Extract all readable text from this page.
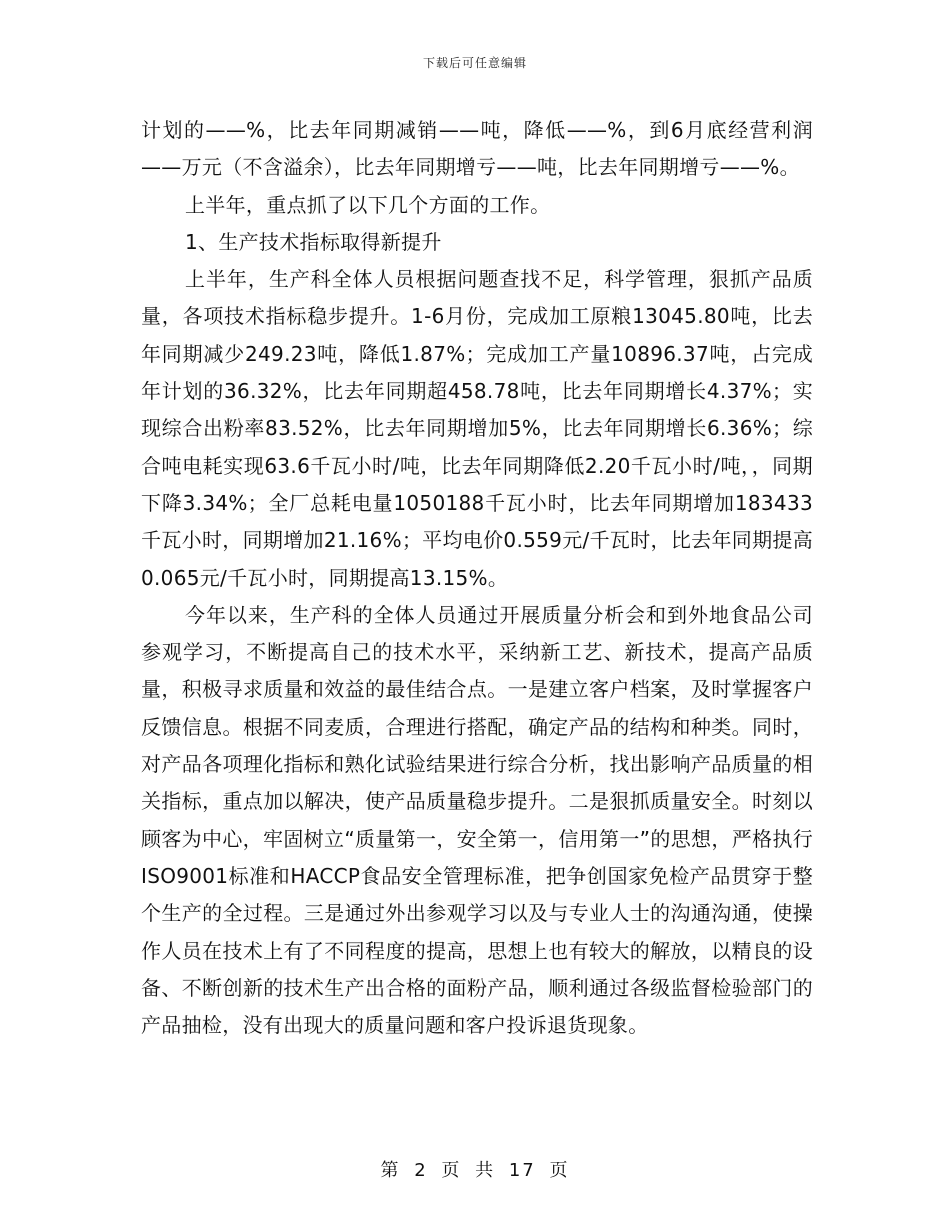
下载后可任意编辑

计划的——%，比去年同期减销——吨，降低——%，到6月底经营利润——万元（不含溢余），比去年同期增亏——吨，比去年同期增亏——%。

上半年，重点抓了以下几个方面的工作。

1、生产技术指标取得新提升

上半年，生产科全体人员根据问题查找不足，科学管理，狠抓产品质量，各项技术指标稳步提升。1-6月份，完成加工原粮13045.80吨，比去年同期减少249.23吨，降低1.87%；完成加工产量10896.37吨，占完成年计划的36.32%，比去年同期超458.78吨，比去年同期增长4.37%；实现综合出粉率83.52%，比去年同期增加5%，比去年同期增长6.36%；综合吨电耗实现63.6千瓦小时/吨，比去年同期降低2.20千瓦小时/吨，，同期下降3.34%；全厂总耗电量1050188千瓦小时，比去年同期增加183433千瓦小时，同期增加21.16%；平均电价0.559元/千瓦时，比去年同期提高0.065元/千瓦小时，同期提高13.15%。

今年以来，生产科的全体人员通过开展质量分析会和到外地食品公司参观学习，不断提高自己的技术水平，采纳新工艺、新技术，提高产品质量，积极寻求质量和效益的最佳结合点。一是建立客户档案，及时掌握客户反馈信息。根据不同麦质，合理进行搭配，确定产品的结构和种类。同时，对产品各项理化指标和熟化试验结果进行综合分析，找出影响产品质量的相关指标，重点加以解决，使产品质量稳步提升。二是狠抓质量安全。时刻以顾客为中心，牢固树立“质量第一，安全第一，信用第一”的思想，严格执行ISO9001标准和HACCP食品安全管理标准，把争创国家免检产品贯穿于整个生产的全过程。三是通过外出参观学习以及与专业人士的沟通沟通，使操作人员在技术上有了不同程度的提高，思想上也有较大的解放，以精良的设备、不断创新的技术生产出合格的面粉产品，顺利通过各级监督检验部门的产品抽检，没有出现大的质量问题和客户投诉退货现象。

第 2 页 共 17 页
